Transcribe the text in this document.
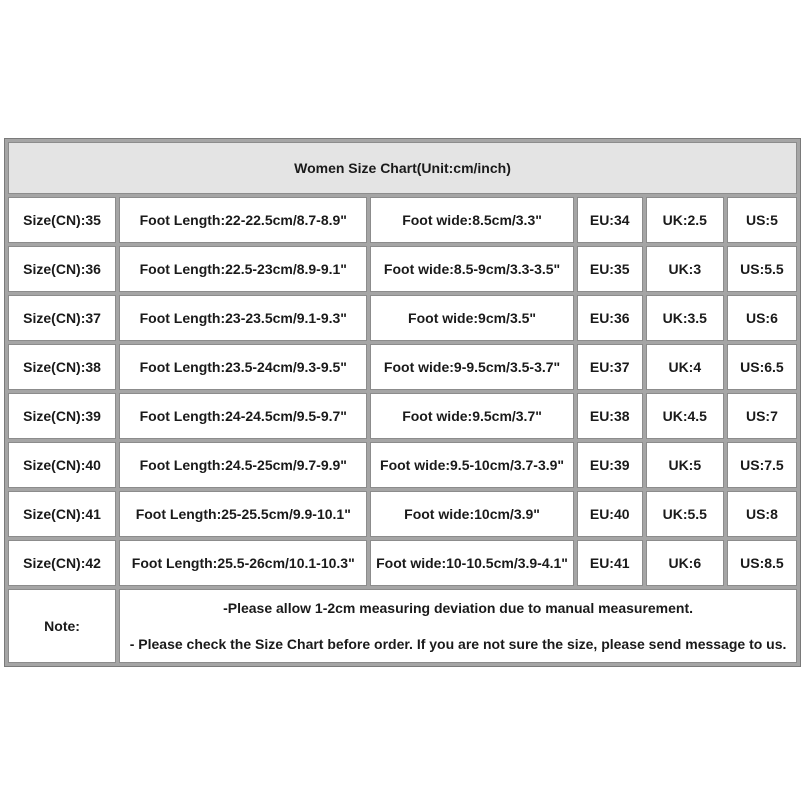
Women Size Chart(Unit:cm/inch)					
Size(CN):35	Foot Length:22-22.5cm/8.7-8.9"	Foot wide:8.5cm/3.3"	EU:34	UK:2.5	US:5
Size(CN):36	Foot Length:22.5-23cm/8.9-9.1"	Foot wide:8.5-9cm/3.3-3.5"	EU:35	UK:3	US:5.5
Size(CN):37	Foot Length:23-23.5cm/9.1-9.3"	Foot wide:9cm/3.5"	EU:36	UK:3.5	US:6
Size(CN):38	Foot Length:23.5-24cm/9.3-9.5"	Foot wide:9-9.5cm/3.5-3.7"	EU:37	UK:4	US:6.5
Size(CN):39	Foot Length:24-24.5cm/9.5-9.7"	Foot wide:9.5cm/3.7"	EU:38	UK:4.5	US:7
Size(CN):40	Foot Length:24.5-25cm/9.7-9.9"	Foot wide:9.5-10cm/3.7-3.9"	EU:39	UK:5	US:7.5
Size(CN):41	Foot Length:25-25.5cm/9.9-10.1"	Foot wide:10cm/3.9"	EU:40	UK:5.5	US:8
Size(CN):42	Foot Length:25.5-26cm/10.1-10.3"	Foot wide:10-10.5cm/3.9-4.1"	EU:41	UK:6	US:8.5
Note:	-Please allow 1-2cm measuring deviation due to manual measurement.
- Please check the Size Chart before order. If you are not sure the size, please send message to us.				
